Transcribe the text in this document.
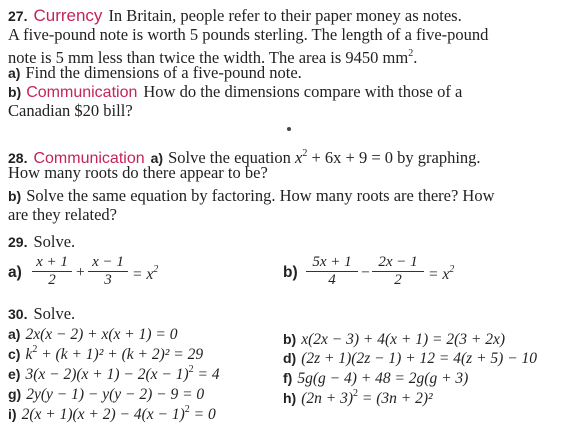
27. Currency In Britain, people refer to their paper money as notes.
A five-pound note is worth 5 pounds sterling. The length of a five-pound
note is 5 mm less than twice the width. The area is 9450 $mm^2$.
a) Find the dimensions of a five-pound note.
b) Communication How do the dimensions compare with those of a
Canadian $20 bill?
28. Communication a) Solve the equation $x^2 + 6x + 9 = 0$ by graphing.
How many roots do there appear to be?
b) Solve the same equation by factoring. How many roots are there? How
are they related?
29. Solve.
$a) \frac{x + 1}{2} + \frac{x - 1}{3} = x^2$	$b) \frac{5x + 1}{4} - \frac{2x - 1}{2} = x^2$
30. Solve.
a) 2x(x − 2) + x(x + 1) = 0
c) $k^2 + (k + 1)^2 + (k + 2)^2 = 29$
e) $3(x - 2)(x + 1) - 2(x - 1)^2 = 4$
g) 2y(y − 1) − y(y − 2) − 9 = 0
i) $2(x + 1)(x + 2) - 4(x - 1)^2 = 0$
b) x(2x − 3) + 4(x + 1) = 2(3 + 2x)
d) (2z + 1)(2z − 1) + 12 = 4(z + 5) − 10
f) 5g(g − 4) + 48 = 2g(g + 3)
h) $(2n + 3)^2 = (3n + 2)^2$
